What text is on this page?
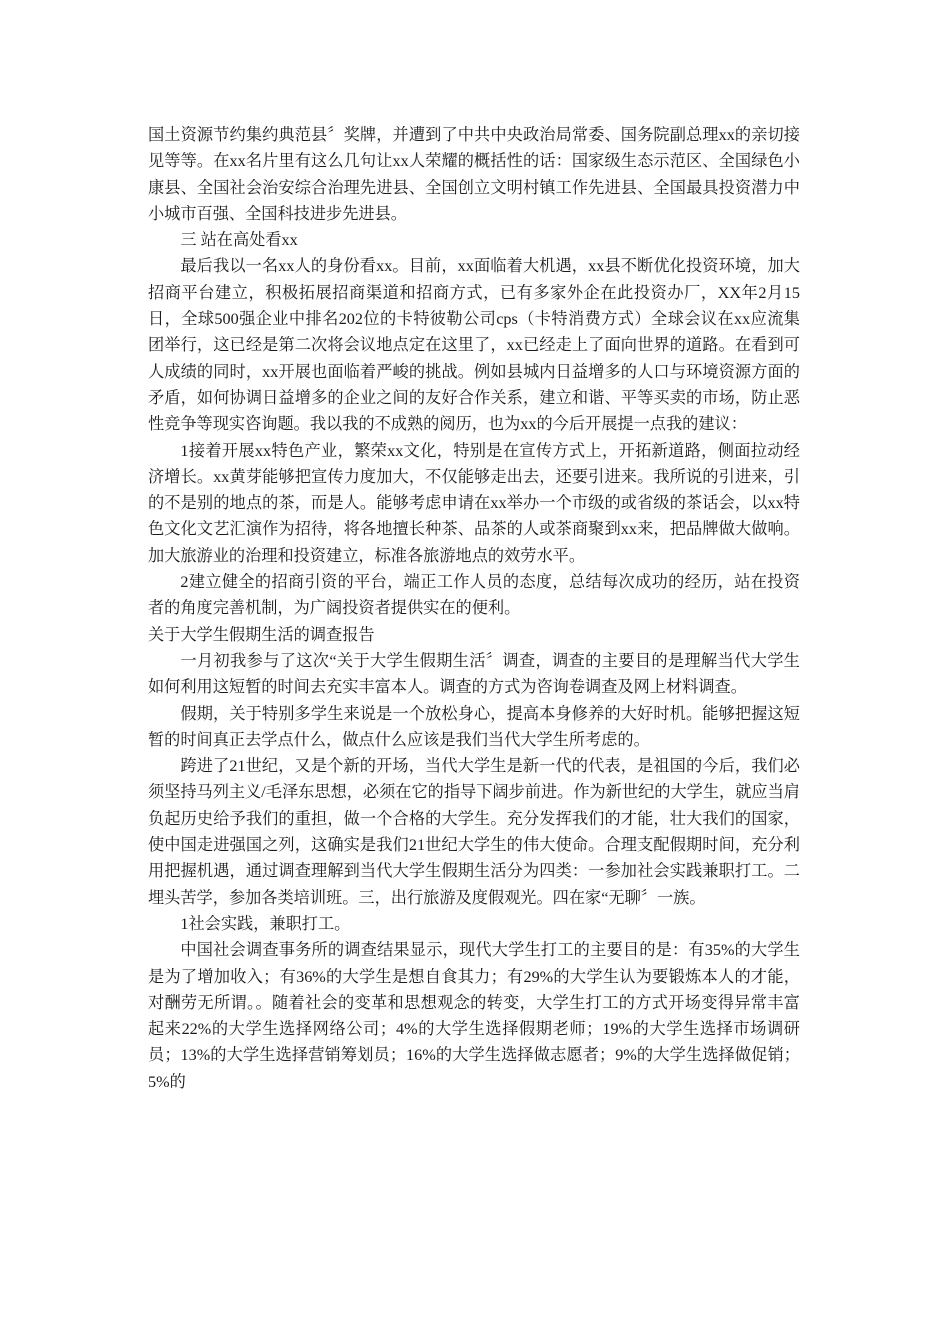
国土资源节约集约典范县〞奖牌，并遭到了中共中央政治局常委、国务院副总理xx的亲切接见等等。在xx名片里有这么几句让xx人荣耀的概括性的话：国家级生态示范区、全国绿色小康县、全国社会治安综合治理先进县、全国创立文明村镇工作先进县、全国最具投资潜力中小城市百强、全国科技进步先进县。

三 站在高处看xx

最后我以一名xx人的身份看xx。目前，xx面临着大机遇，xx县不断优化投资环境，加大招商平台建立，积极拓展招商渠道和招商方式，已有多家外企在此投资办厂，XX年2月15日，全球500强企业中排名202位的卡特彼勒公司cps（卡特消费方式）全球会议在xx应流集团举行，这已经是第二次将会议地点定在这里了，xx已经走上了面向世界的道路。在看到可人成绩的同时，xx开展也面临着严峻的挑战。例如县城内日益增多的人口与环境资源方面的矛盾，如何协调日益增多的企业之间的友好合作关系，建立和谐、平等买卖的市场，防止恶性竞争等现实咨询题。我以我的不成熟的阅历，也为xx的今后开展提一点我的建议：

1接着开展xx特色产业，繁荣xx文化，特别是在宣传方式上，开拓新道路，侧面拉动经济增长。xx黄芽能够把宣传力度加大，不仅能够走出去，还要引进来。我所说的引进来，引的不是别的地点的茶，而是人。能够考虑申请在xx举办一个市级的或省级的茶话会，以xx特色文化文艺汇演作为招待，将各地擅长种茶、品茶的人或茶商聚到xx来，把品牌做大做响。加大旅游业的治理和投资建立，标准各旅游地点的效劳水平。

2建立健全的招商引资的平台，端正工作人员的态度，总结每次成功的经历，站在投资者的角度完善机制，为广阔投资者提供实在的便利。

关于大学生假期生活的调查报告

一月初我参与了这次“关于大学生假期生活〞调查，调查的主要目的是理解当代大学生如何利用这短暂的时间去充实丰富本人。调查的方式为咨询卷调查及网上材料调查。

假期，关于特别多学生来说是一个放松身心，提高本身修养的大好时机。能够把握这短暂的时间真正去学点什么，做点什么应该是我们当代大学生所考虑的。

跨进了21世纪，又是个新的开场，当代大学生是新一代的代表，是祖国的今后，我们必须坚持马列主义/毛泽东思想，必须在它的指导下阔步前进。作为新世纪的大学生，就应当肩负起历史给予我们的重担，做一个合格的大学生。充分发挥我们的才能，壮大我们的国家，使中国走进强国之列，这确实是我们21世纪大学生的伟大使命。合理支配假期时间，充分利用把握机遇，通过调查理解到当代大学生假期生活分为四类：一参加社会实践兼职打工。二埋头苦学，参加各类培训班。三，出行旅游及度假观光。四在家“无聊〞一族。

1社会实践，兼职打工。

中国社会调查事务所的调查结果显示，现代大学生打工的主要目的是：有35%的大学生是为了增加收入；有36%的大学生是想自食其力；有29%的大学生认为要锻炼本人的才能，对酬劳无所谓。。随着社会的变革和思想观念的转变，大学生打工的方式开场变得异常丰富起来22%的大学生选择网络公司；4%的大学生选择假期老师；19%的大学生选择市场调研员；13%的大学生选择营销筹划员；16%的大学生选择做志愿者；9%的大学生选择做促销；5%的
